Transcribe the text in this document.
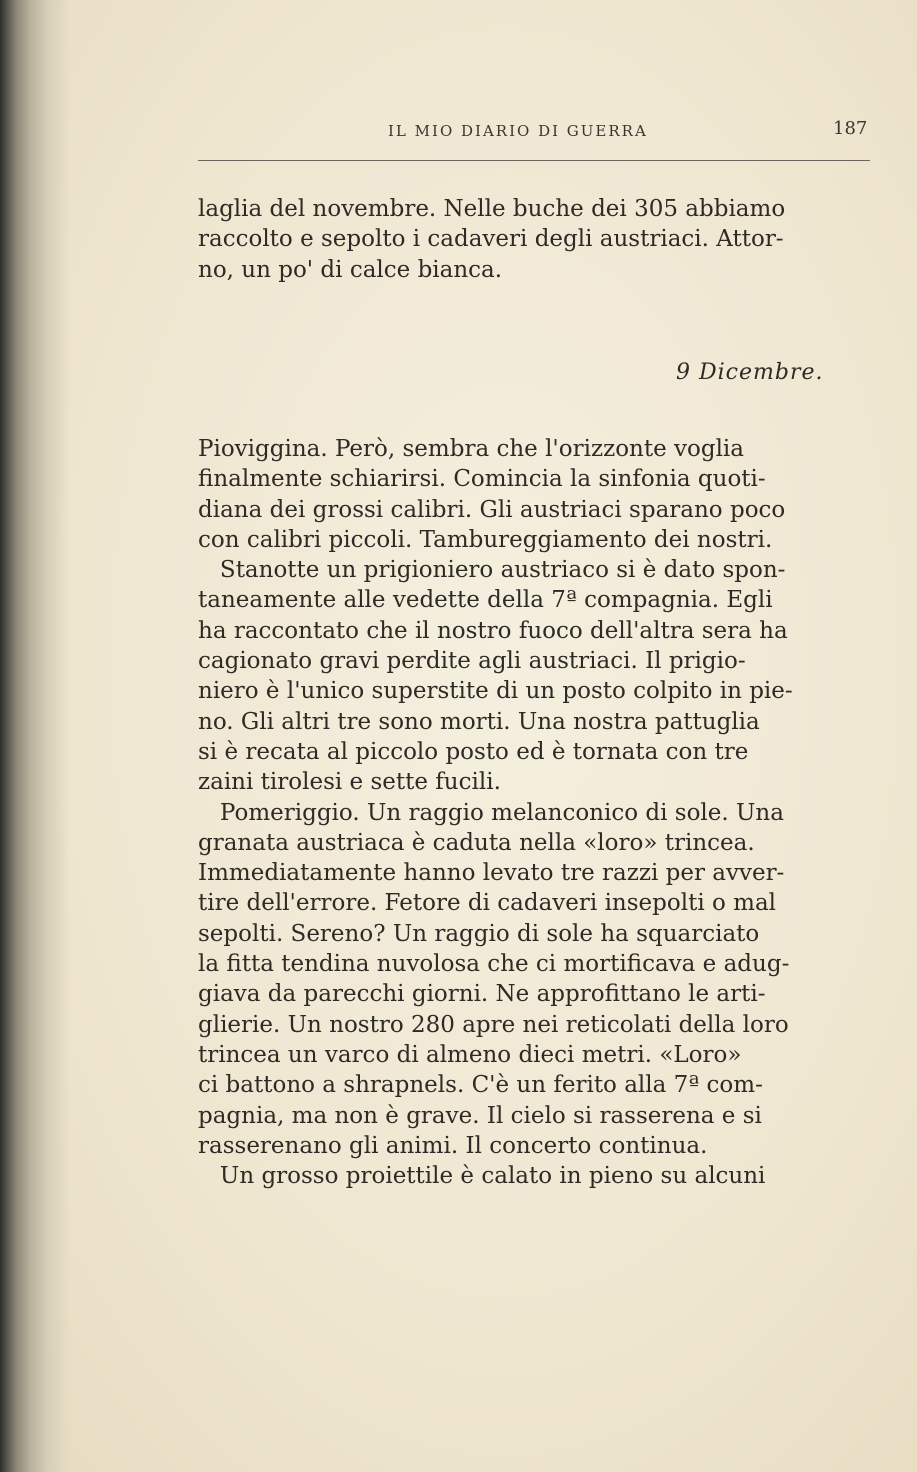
IL MIO DIARIO DI GUERRA	187
laglia del novembre. Nelle buche dei 305 abbiamo
raccolto e sepolto i cadaveri degli austriaci. Attor-
no, un po' di calce bianca.
9 Dicembre.
Pioviggina. Però, sembra che l'orizzonte voglia
finalmente schiarirsi. Comincia la sinfonia quoti-
diana dei grossi calibri. Gli austriaci sparano poco
con calibri piccoli. Tambureggiamento dei nostri.
Stanotte un prigioniero austriaco si è dato spon-
taneamente alle vedette della 7ª compagnia. Egli
ha raccontato che il nostro fuoco dell'altra sera ha
cagionato gravi perdite agli austriaci. Il prigio-
niero è l'unico superstite di un posto colpito in pie-
no. Gli altri tre sono morti. Una nostra pattuglia
si è recata al piccolo posto ed è tornata con tre
zaini tirolesi e sette fucili.
Pomeriggio. Un raggio melanconico di sole. Una
granata austriaca è caduta nella «loro» trincea.
Immediatamente hanno levato tre razzi per avver-
tire dell'errore. Fetore di cadaveri insepolti o mal
sepolti. Sereno? Un raggio di sole ha squarciato
la fitta tendina nuvolosa che ci mortificava e adug-
giava da parecchi giorni. Ne approfittano le arti-
glierie. Un nostro 280 apre nei reticolati della loro
trincea un varco di almeno dieci metri. «Loro»
ci battono a shrapnels. C'è un ferito alla 7ª com-
pagnia, ma non è grave. Il cielo si rasserena e si
rasserenano gli animi. Il concerto continua.
Un grosso proiettile è calato in pieno su alcuni
